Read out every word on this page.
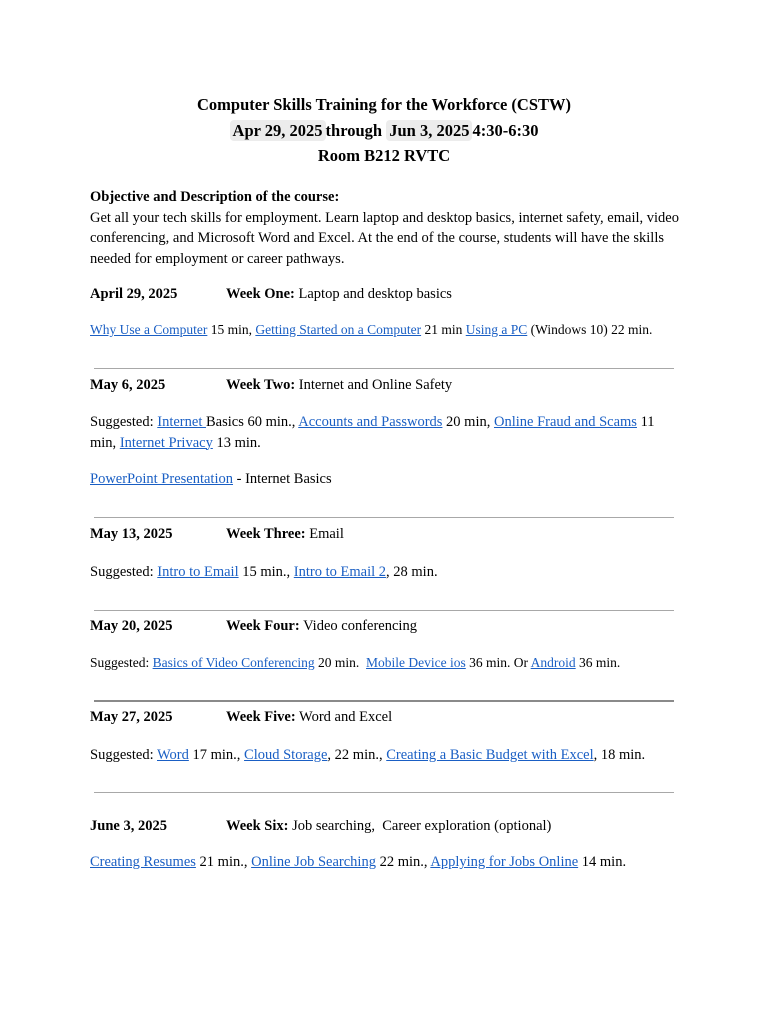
Computer Skills Training for the Workforce (CSTW)
Apr 29, 2025 through Jun 3, 2025 4:30-6:30
Room B212 RVTC
Objective and Description of the course:
Get all your tech skills for employment. Learn laptop and desktop basics, internet safety, email, video conferencing, and Microsoft Word and Excel. At the end of the course, students will have the skills needed for employment or career pathways.
April 29, 2025	Week One: Laptop and desktop basics
Why Use a Computer 15 min, Getting Started on a Computer 21 min Using a PC (Windows 10) 22 min.
May 6, 2025	Week Two: Internet and Online Safety
Suggested: Internet Basics 60 min., Accounts and Passwords 20 min, Online Fraud and Scams 11 min, Internet Privacy 13 min.
PowerPoint Presentation - Internet Basics
May 13, 2025	Week Three: Email
Suggested: Intro to Email 15 min., Intro to Email 2, 28 min.
May 20, 2025	Week Four: Video conferencing
Suggested: Basics of Video Conferencing 20 min.  Mobile Device ios 36 min. Or Android 36 min.
May 27, 2025	Week Five: Word and Excel
Suggested: Word 17 min., Cloud Storage, 22 min., Creating a Basic Budget with Excel, 18 min.
June 3, 2025	Week Six: Job searching,  Career exploration (optional)
Creating Resumes 21 min., Online Job Searching 22 min., Applying for Jobs Online 14 min.
